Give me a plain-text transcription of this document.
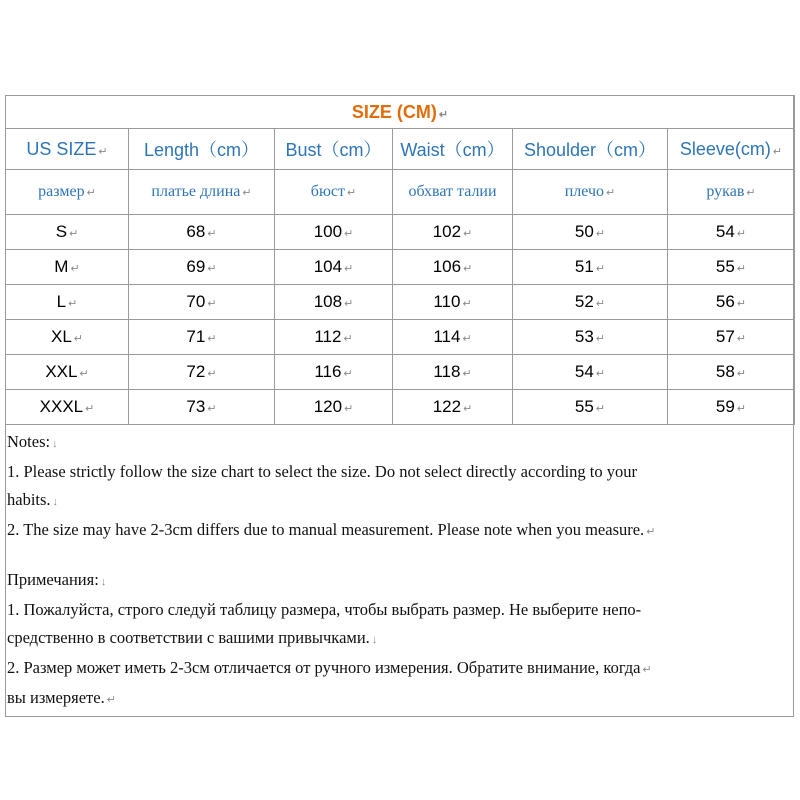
SIZE (CM) ↵					
US SIZE ↵	Length（cm）	Bust（cm）	Waist（cm）	Shoulder（cm）	Sleeve(cm) ↵
размер ↵	платье длина ↵	бюст ↵	обхват талии	плечо ↵	рукав ↵
S ↵	68 ↵	100 ↵	102 ↵	50 ↵	54 ↵
M ↵	69 ↵	104 ↵	106 ↵	51 ↵	55 ↵
L ↵	70 ↵	108 ↵	110 ↵	52 ↵	56 ↵
XL ↵	71 ↵	112 ↵	114 ↵	53 ↵	57 ↵
XXL ↵	72 ↵	116 ↵	118 ↵	54 ↵	58 ↵
XXXL ↵	73 ↵	120 ↵	122 ↵	55 ↵	59 ↵

Notes: ↓

1. Please strictly follow the size chart to select the size. Do not select directly according to your

habits. ↓

2. The size may have 2-3cm differs due to manual measurement. Please note when you measure. ↵

Примечания: ↓

1. Пожалуйста, строго следуй таблицу размера, чтобы выбрать размер. Не выберите непо-

средственно в соответствии с вашими привычками. ↓

2. Размер может иметь 2-3см отличается от ручного измерения. Обратите внимание, когда ↵

вы измеряете. ↵
